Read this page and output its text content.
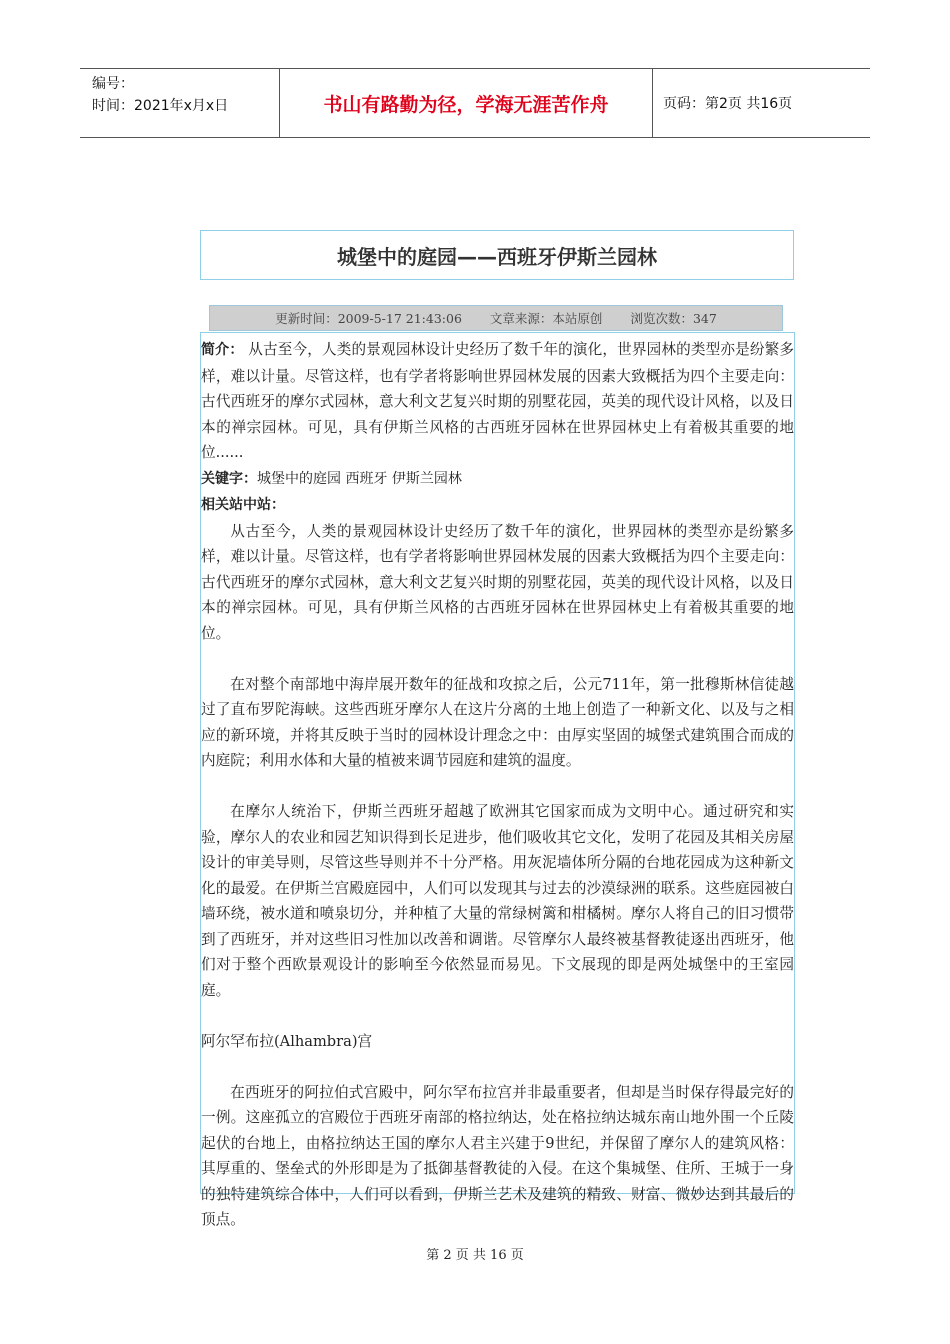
编号：
时间：2021年x月x日	书山有路勤为径，学海无涯苦作舟	页码：第2页 共16页
城堡中的庭园——西班牙伊斯兰园林
更新时间：2009-5-17 21:43:06 文章来源：本站原创 浏览次数：347

简介： 从古至今，人类的景观园林设计史经历了数千年的演化，世界园林的类型亦是纷繁多样，难以计量。尽管这样，也有学者将影响世界园林发展的因素大致概括为四个主要走向：古代西班牙的摩尔式园林，意大利文艺复兴时期的别墅花园，英美的现代设计风格，以及日本的禅宗园林。可见，具有伊斯兰风格的古西班牙园林在世界园林史上有着极其重要的地位......

关键字：城堡中的庭园 西班牙 伊斯兰园林

相关站中站：

从古至今，人类的景观园林设计史经历了数千年的演化，世界园林的类型亦是纷繁多样，难以计量。尽管这样，也有学者将影响世界园林发展的因素大致概括为四个主要走向：古代西班牙的摩尔式园林，意大利文艺复兴时期的别墅花园，英美的现代设计风格，以及日本的禅宗园林。可见，具有伊斯兰风格的古西班牙园林在世界园林史上有着极其重要的地位。

在对整个南部地中海岸展开数年的征战和攻掠之后，公元711年，第一批穆斯林信徒越过了直布罗陀海峡。这些西班牙摩尔人在这片分离的土地上创造了一种新文化、以及与之相应的新环境，并将其反映于当时的园林设计理念之中：由厚实坚固的城堡式建筑围合而成的内庭院；利用水体和大量的植被来调节园庭和建筑的温度。

在摩尔人统治下，伊斯兰西班牙超越了欧洲其它国家而成为文明中心。通过研究和实验，摩尔人的农业和园艺知识得到长足进步，他们吸收其它文化，发明了花园及其相关房屋设计的审美导则，尽管这些导则并不十分严格。用灰泥墙体所分隔的台地花园成为这种新文化的最爱。在伊斯兰宫殿庭园中，人们可以发现其与过去的沙漠绿洲的联系。这些庭园被白墙环绕，被水道和喷泉切分，并种植了大量的常绿树篱和柑橘树。摩尔人将自己的旧习惯带到了西班牙，并对这些旧习性加以改善和调谐。尽管摩尔人最终被基督教徒逐出西班牙，他们对于整个西欧景观设计的影响至今依然显而易见。下文展现的即是两处城堡中的王室园庭。

阿尔罕布拉(Alhambra)宫

在西班牙的阿拉伯式宫殿中，阿尔罕布拉宫并非最重要者，但却是当时保存得最完好的一例。这座孤立的宫殿位于西班牙南部的格拉纳达，处在格拉纳达城东南山地外围一个丘陵起伏的台地上，由格拉纳达王国的摩尔人君主兴建于9世纪，并保留了摩尔人的建筑风格：其厚重的、堡垒式的外形即是为了抵御基督教徒的入侵。在这个集城堡、住所、王城于一身的独特建筑综合体中，人们可以看到，伊斯兰艺术及建筑的精致、财富、微妙达到其最后的顶点。

第 2 页 共 16 页
